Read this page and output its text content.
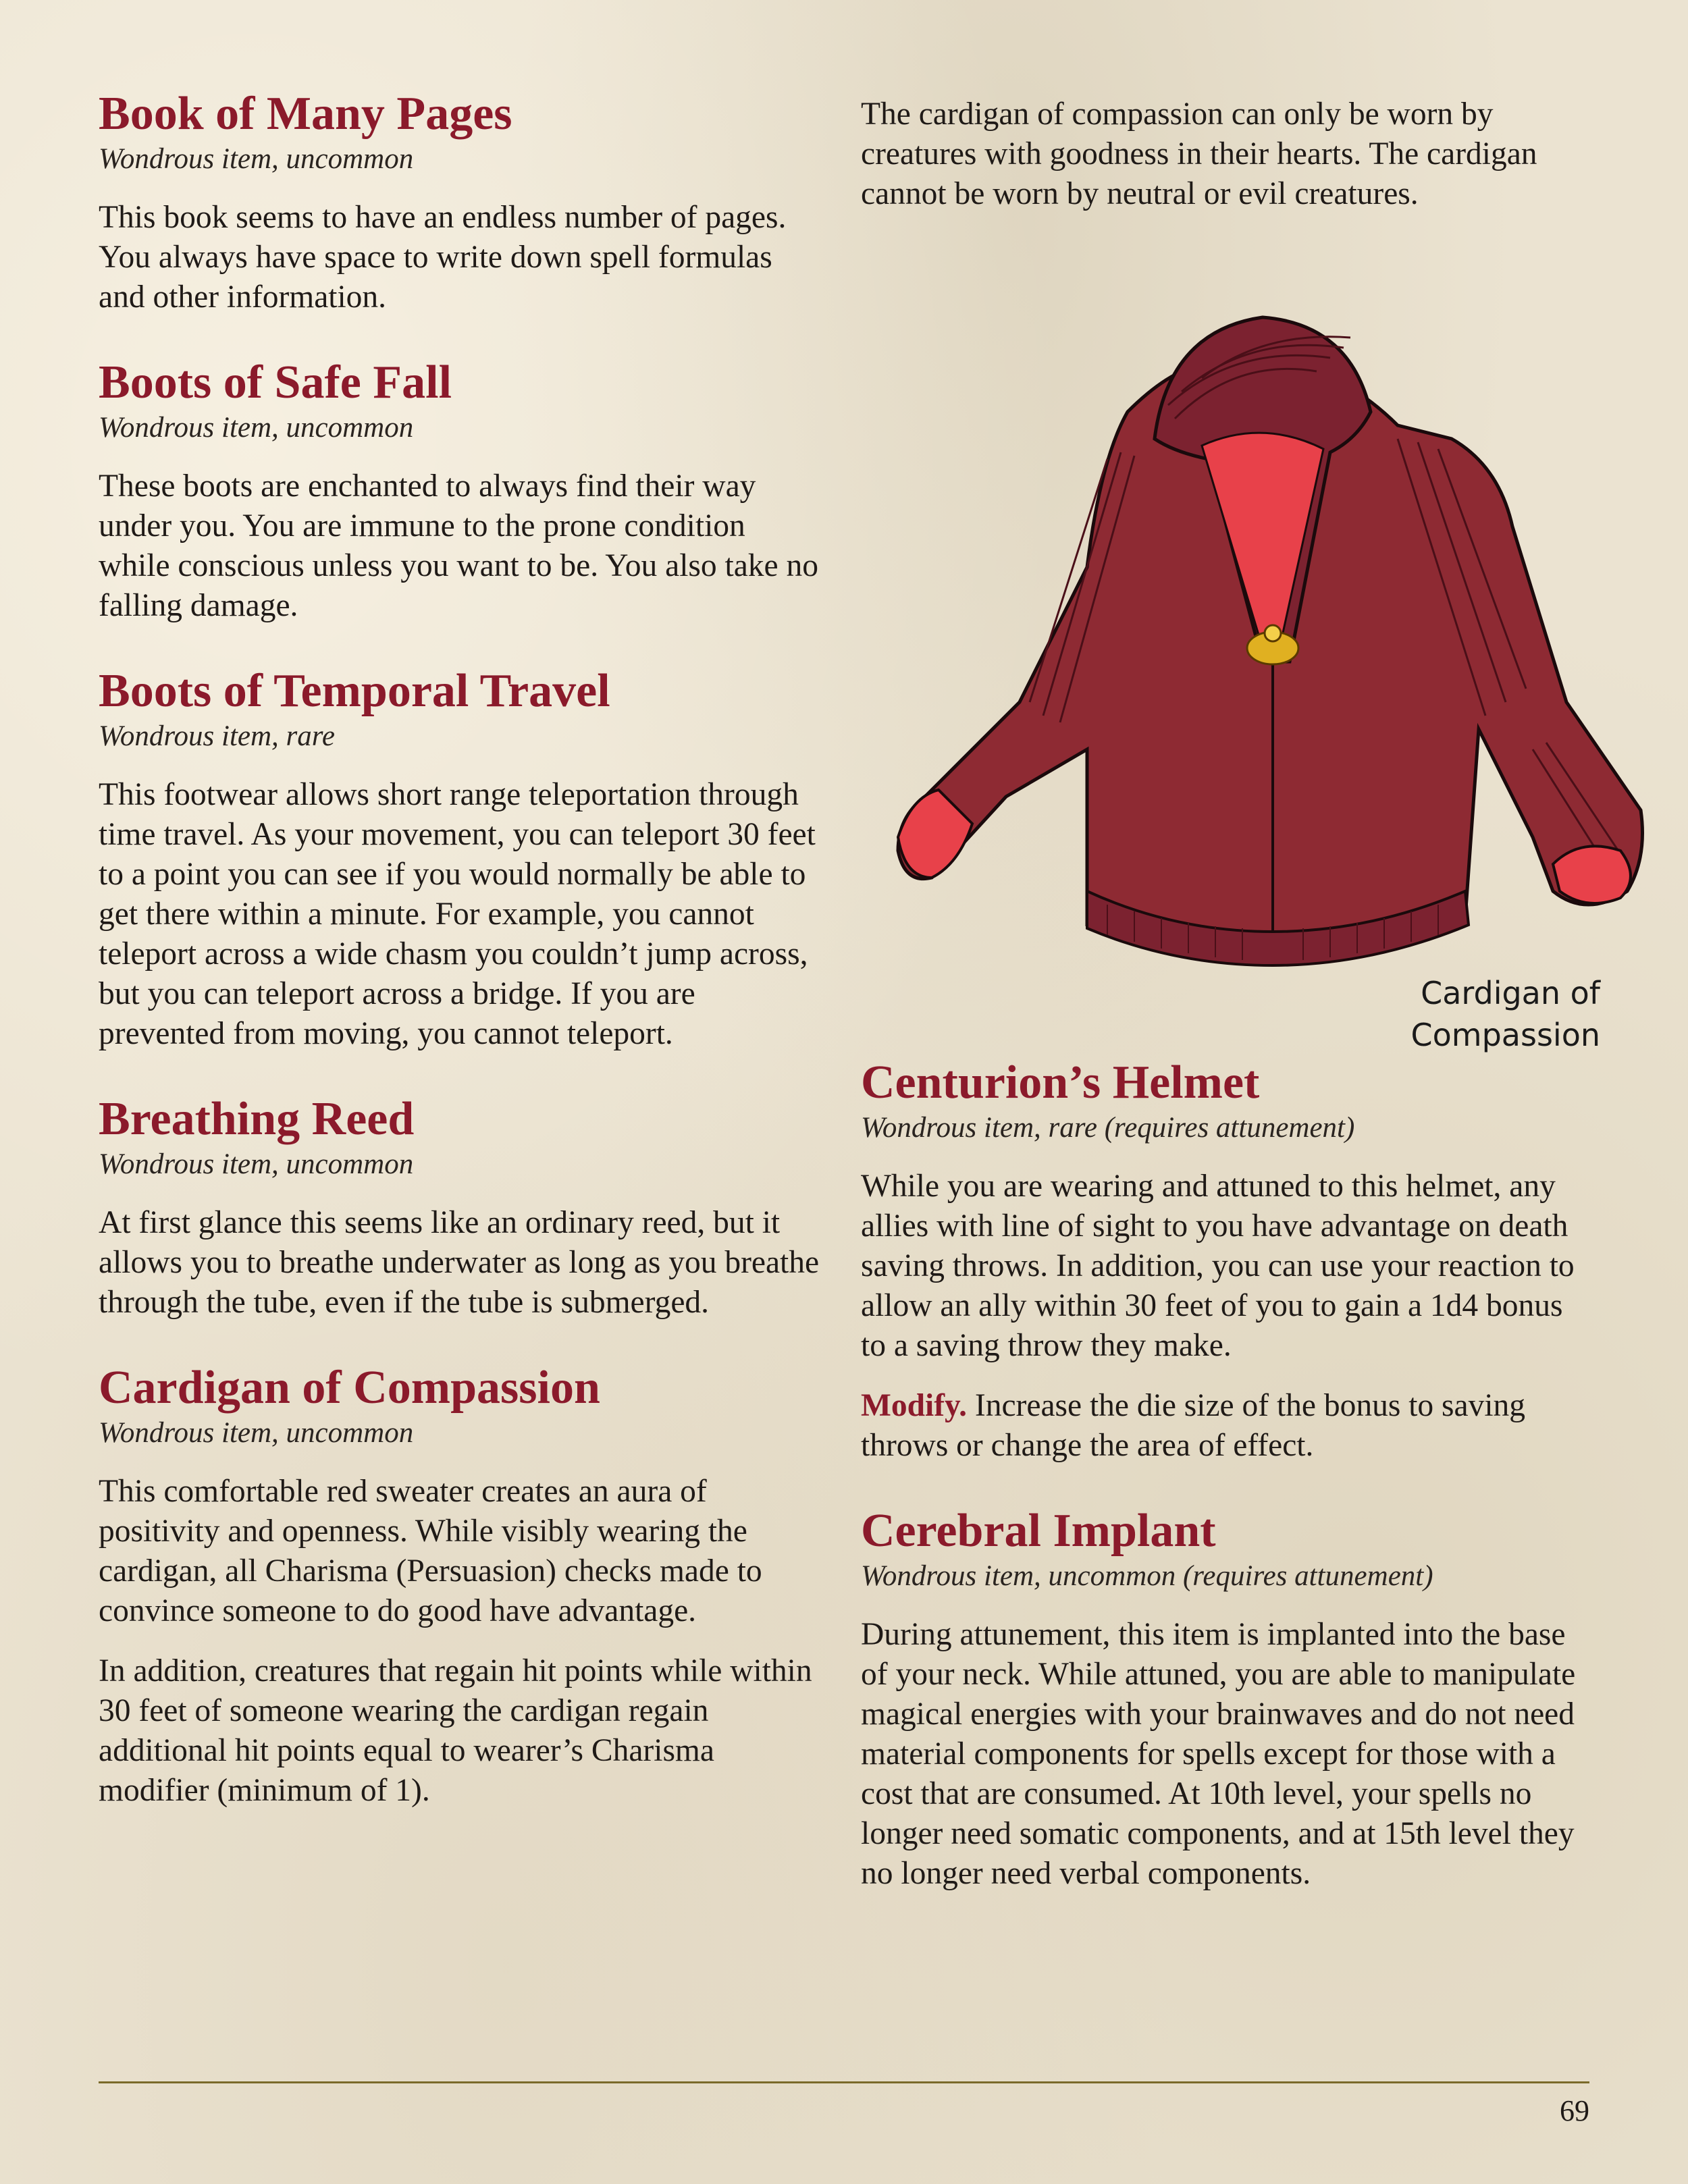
Book of Many Pages
Wondrous item, uncommon

This book seems to have an endless number of pages. You always have space to write down spell formulas and other information.

Boots of Safe Fall
Wondrous item, uncommon

These boots are enchanted to always find their way under you. You are immune to the prone condition while conscious unless you want to be. You also take no falling damage.

Boots of Temporal Travel
Wondrous item, rare

This footwear allows short range teleportation through time travel. As your movement, you can teleport 30 feet to a point you can see if you would normally be able to get there within a minute. For example, you cannot teleport across a wide chasm you couldn’t jump across, but you can teleport across a bridge. If you are prevented from moving, you cannot teleport.

Breathing Reed
Wondrous item, uncommon

At first glance this seems like an ordinary reed, but it allows you to breathe underwater as long as you breathe through the tube, even if the tube is submerged.

Cardigan of Compassion
Wondrous item, uncommon

This comfortable red sweater creates an aura of positivity and openness. While visibly wearing the cardigan, all Charisma (Persuasion) checks made to convince someone to do good have advantage.

In addition, creatures that regain hit points while within 30 feet of someone wearing the cardigan regain additional hit points equal to wearer’s Charisma modifier (minimum of 1).

The cardigan of compassion can only be worn by creatures with goodness in their hearts. The cardigan cannot be worn by neutral or evil creatures.

Cardigan of
Compassion
Centurion’s Helmet
Wondrous item, rare (requires attunement)

While you are wearing and attuned to this helmet, any allies with line of sight to you have advantage on death saving throws. In addition, you can use your reaction to allow an ally within 30 feet of you to gain a 1d4 bonus to a saving throw they make.

Modify. Increase the die size of the bonus to saving throws or change the area of effect.

Cerebral Implant
Wondrous item, uncommon (requires attunement)

During attunement, this item is implanted into the base of your neck. While attuned, you are able to manipulate magical energies with your brainwaves and do not need material components for spells except for those with a cost that are consumed. At 10th level, your spells no longer need somatic components, and at 15th level they no longer need verbal components.

69
